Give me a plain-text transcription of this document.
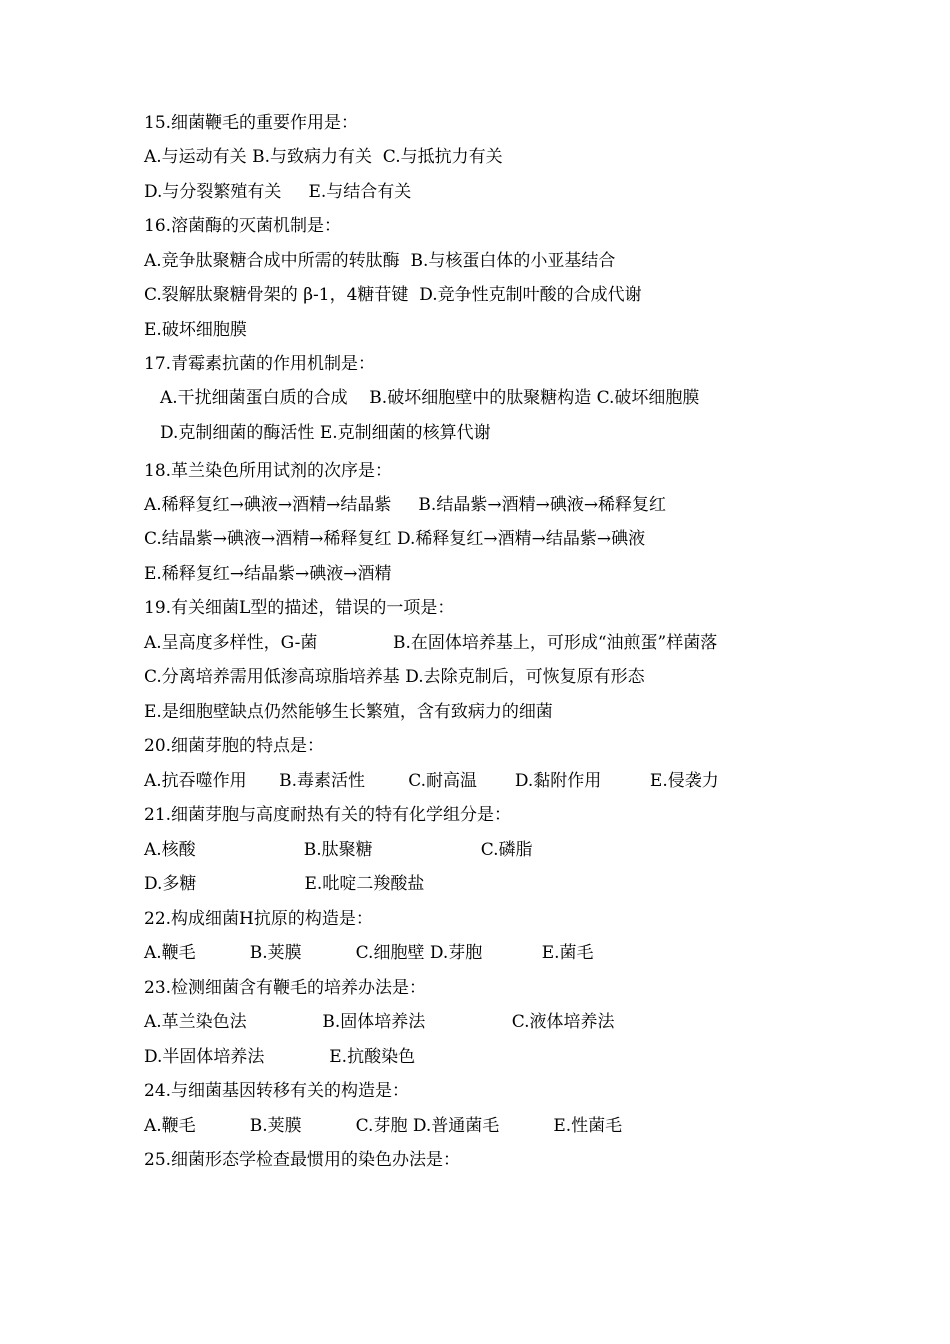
15.细菌鞭毛的重要作用是：
A.与运动有关 B.与致病力有关  C.与抵抗力有关
D.与分裂繁殖有关     E.与结合有关
16.溶菌酶的灭菌机制是：
A.竞争肽聚糖合成中所需的转肽酶  B.与核蛋白体的小亚基结合
C.裂解肽聚糖骨架的 β-1，4糖苷键  D.竞争性克制叶酸的合成代谢
E.破坏细胞膜
17.青霉素抗菌的作用机制是：
A.干扰细菌蛋白质的合成    B.破坏细胞壁中的肽聚糖构造 C.破坏细胞膜
D.克制细菌的酶活性 E.克制细菌的核算代谢
18.革兰染色所用试剂的次序是：
A.稀释复红→碘液→酒精→结晶紫     B.结晶紫→酒精→碘液→稀释复红
C.结晶紫→碘液→酒精→稀释复红 D.稀释复红→酒精→结晶紫→碘液
E.稀释复红→结晶紫→碘液→酒精
19.有关细菌L型的描述，错误的一项是：
A.呈高度多样性，G-菌              B.在固体培养基上，可形成“油煎蛋”样菌落
C.分离培养需用低渗高琼脂培养基 D.去除克制后，可恢复原有形态
E.是细胞壁缺点仍然能够生长繁殖，含有致病力的细菌
20.细菌芽胞的特点是：
A.抗吞噬作用      B.毒素活性        C.耐高温       D.黏附作用         E.侵袭力
21.细菌芽胞与高度耐热有关的特有化学组分是：
A.核酸                    B.肽聚糖                    C.磷脂
D.多糖                    E.吡啶二羧酸盐
22.构成细菌H抗原的构造是：
A.鞭毛          B.荚膜          C.细胞壁 D.芽胞           E.菌毛
23.检测细菌含有鞭毛的培养办法是：
A.革兰染色法              B.固体培养法                C.液体培养法
D.半固体培养法            E.抗酸染色
24.与细菌基因转移有关的构造是：
A.鞭毛          B.荚膜          C.芽胞 D.普通菌毛          E.性菌毛
25.细菌形态学检查最惯用的染色办法是：
